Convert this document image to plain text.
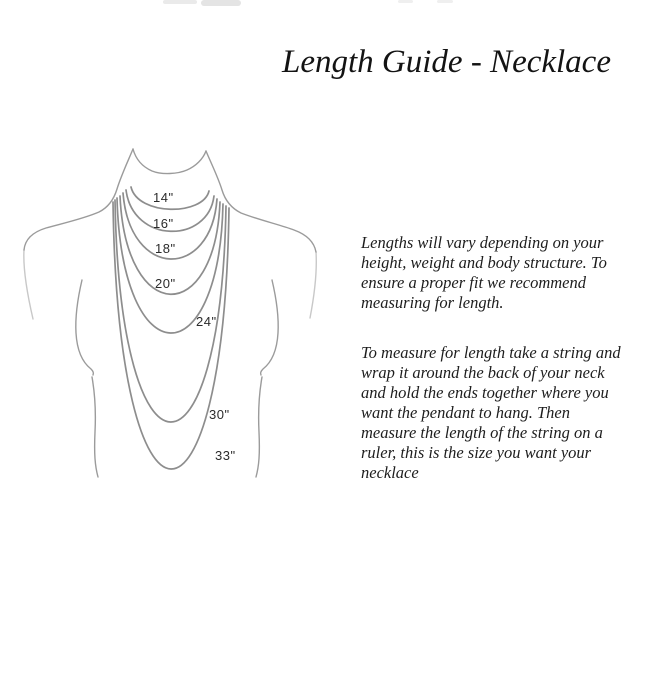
Length Guide - Necklace
14"
16"
18"
20"
24"
30"
33"
Lengths will vary depending on your
height, weight and body structure. To
ensure a proper fit we recommend
measuring for length.
To measure for length take a string and
wrap it around the back of your neck
and hold the ends together where you
want the pendant to hang. Then
measure the length of the string on a
ruler, this is the size you want your
necklace
